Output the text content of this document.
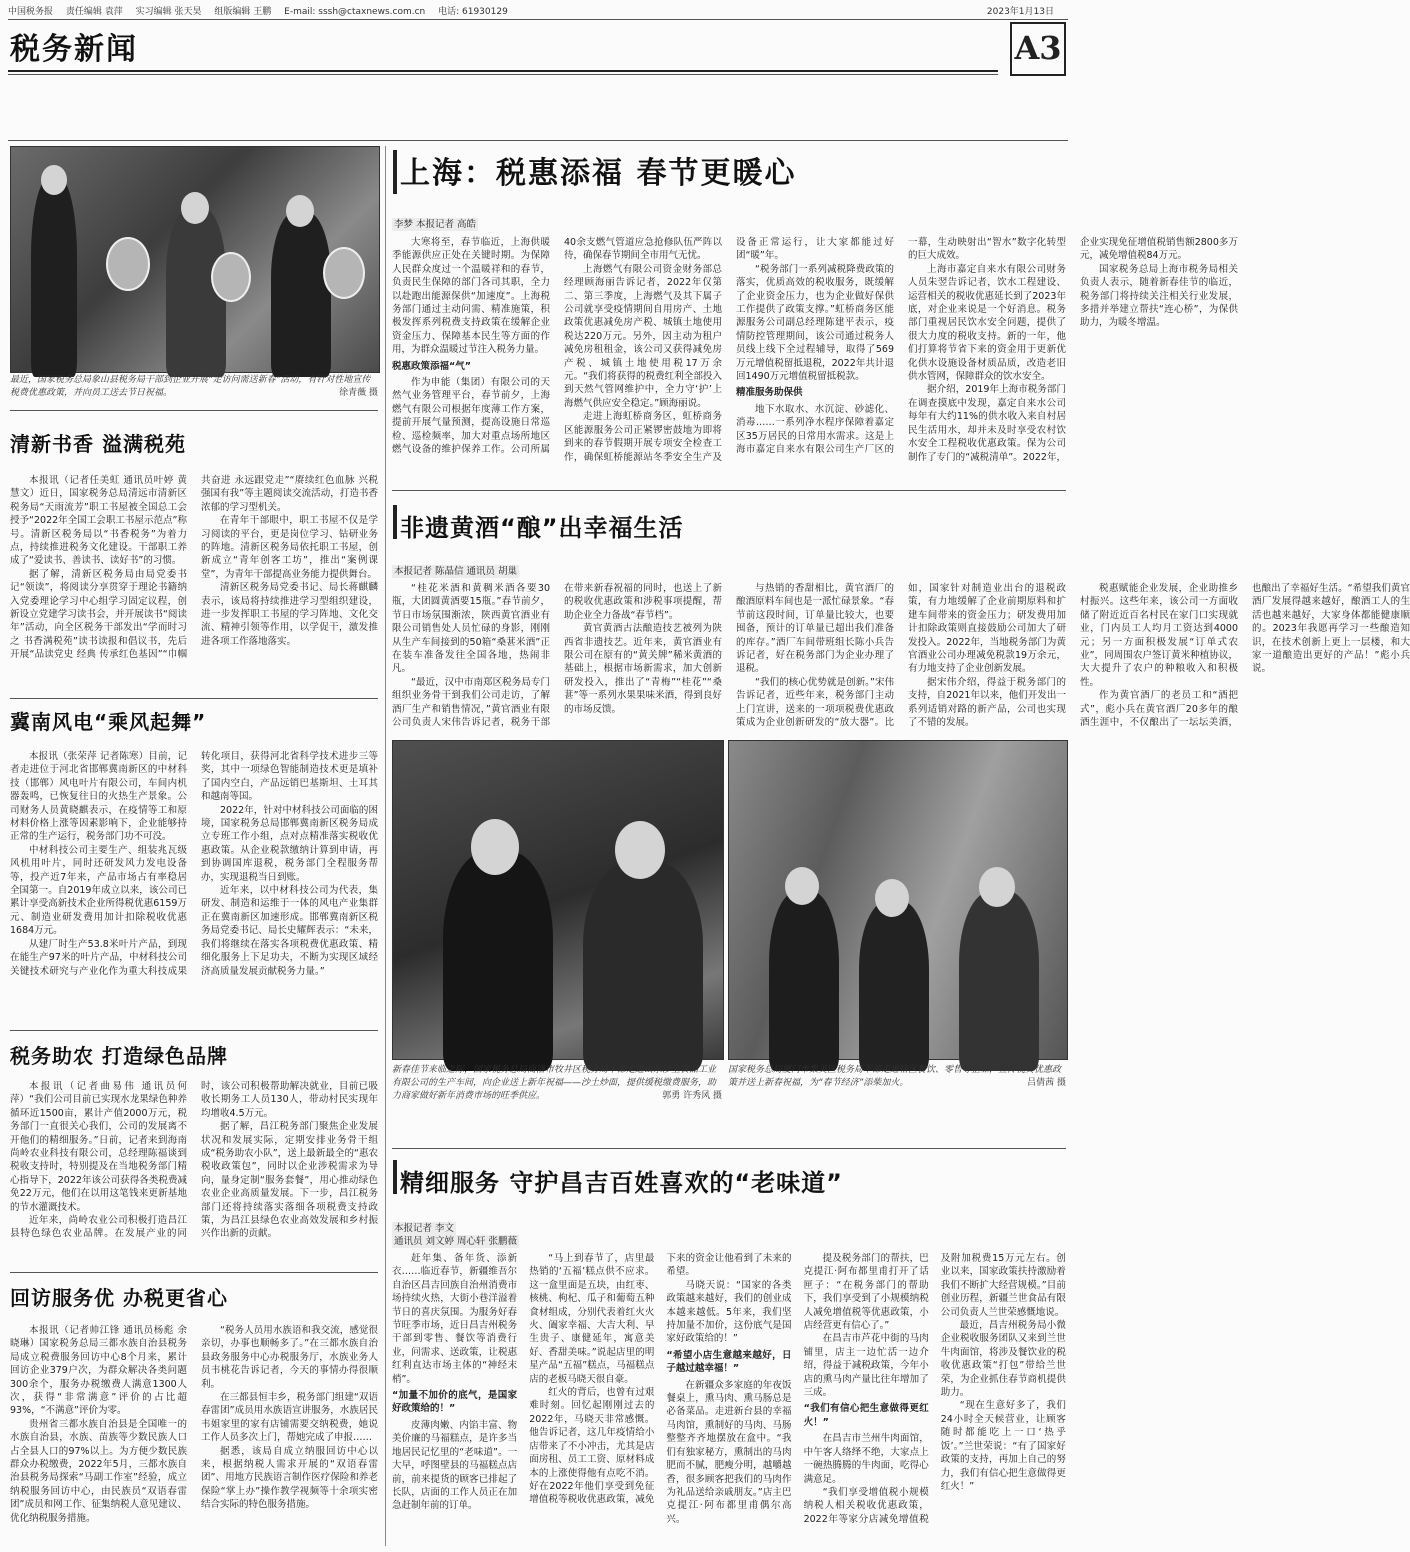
中国税务报 责任编辑 袁萍 实习编辑 张天昊 组版编辑 王鹏 E-mail: sssh@ctaxnews.com.cn 电话: 61930129	2023年1月13日
税务新闻	A3
最近，国家税务总局象山县税务局干部到企业开展“走访问需送新春”活动，有针对性地宣传税费优惠政策，并向员工送去节日祝福。	徐青薇 摄
清新书香 溢满税苑

本报讯（记者任美虹 通讯员叶婷 黄慧文）近日，国家税务总局清远市清新区税务局“天雨流芳”职工书屋被全国总工会授予“2022年全国工会职工书屋示范点”称号。清新区税务局以“书香税务”为着力点，持续推进税务文化建设。干部职工养成了“爱读书、善读书、读好书”的习惯。

据了解，清新区税务局由局党委书记“领读”，将阅读分享贯穿于理论书籍纳入党委理论学习中心组学习固定议程，创新设立党建学习读书会，并开展读书“阅读年”活动，向全区税务干部发出“学而时习之 书香满税苑”读书读报和倡议书，先后开展“品读党史 经典 传承红色基因”“巾帼共奋进 永远跟党走”“赓续红色血脉 兴税强国有我”等主题阅读交流活动，打造书香浓郁的学习型机关。

在青年干部眼中，职工书屋不仅是学习阅读的平台，更是岗位学习、钻研业务的阵地。清新区税务局依托职工书屋，创新成立“青年创客工坊”，推出“案例课堂”，为青年干部提高业务能力提供舞台。

清新区税务局党委书记、局长蒋麒麟表示，该局将持续推进学习型组织建设，进一步发挥职工书屋的学习阵地、文化交流、精神引领等作用，以学促干，激发推进各项工作落地落实。

冀南风电“乘风起舞”

本报讯（张荣萍 记者陈寒）目前，记者走进位于河北省邯郸冀南新区的中材科技（邯郸）风电叶片有限公司，车间内机器轰鸣，已恢复往日的火热生产景象。公司财务人员黄晓麒表示，在疫情等工和原材料价格上涨等因素影响下，企业能够持正常的生产运行，税务部门功不可没。

中材科技公司主要生产、组装兆瓦级风机用叶片，同时还研发风力发电设备等，投产近7年来，产品市场占有率稳居全国第一。自2019年成立以来，该公司已累计享受高新技术企业所得税优惠6159万元、制造业研发费用加计扣除税收优惠1684万元。

从建厂时生产53.8米叶片产品，到现在能生产97米的叶片产品，中材科技公司关键技术研究与产业化作为重大科技成果转化项目，获得河北省科学技术进步三等奖，其中一项绿色智能制造技术更是填补了国内空白，产品远销巴基斯坦、土耳其和越南等国。

2022年，针对中材科技公司面临的困境，国家税务总局邯郸冀南新区税务局成立专班工作小组，点对点精准落实税收优惠政策。从企业税款缴纳计算到申请，再到协调国库退税，税务部门全程服务帮办，实现退税当日到账。

近年来，以中材科技公司为代表，集研发、制造和运维于一体的风电产业集群正在冀南新区加速形成。邯郸冀南新区税务局党委书记、局长史耀辉表示：“未来，我们将继续在落实各项税费优惠政策、精细化服务上下足功夫，不断为实现区域经济高质量发展贡献税务力量。”

税务助农 打造绿色品牌

本报讯（记者曲易伟 通讯员何萍）“我们公司目前已实现水龙果绿色种养循环近1500亩，累计产值2000万元，税务部门一直很关心我们，公司的发展离不开他们的精细服务。”日前，记者来到海南尚岭农业科技有限公司，总经理陈福谈到税收支持时，特别提及在当地税务部门精心指导下，2022年该公司获得各类税费减免22万元，他们在以用这笔钱来更新基地的节水灌溉技术。

近年来，尚岭农业公司积极打造昌江县特色绿色农业品牌。在发展产业的同时，该公司积极帮助解决就业，目前已吸收长期务工人员130人，带动村民实现年均增收4.5万元。

据了解，昌江税务部门聚焦企业发展状况和发展实际，定期安排业务骨干组成“税务助农小队”，送上最新最全的“惠农税收政策包”，同时以企业涉税需求为导向，量身定制“服务套餐”，用心推动绿色农业企业高质量发展。下一步，昌江税务部门还将持续落实落细各项税费支持政策，为昌江县绿色农业高效发展和乡村振兴作出新的贡献。

回访服务优 办税更省心

本报讯（记者帅江锋 通讯员杨彪 余晓琳）国家税务总局三都水族自治县税务局成立税费服务回访中心8个月来，累计回访企业379户次，为群众解决各类问题300余个，服务办税缴费人满意1300人次，获得“非常满意”评价的占比超93%，“不满意”评价为零。

贵州省三都水族自治县是全国唯一的水族自治县，水族、苗族等少数民族人口占全县人口的97%以上。为方便少数民族群众办税缴费，2022年5月，三都水族自治县税务局探索“马副工作室”经验，成立纳税服务回访中心，由民族员“双语春雷团”成员和网工作、征集纳税人意见建议、优化纳税服务措施。

“税务人员用水族语和我交流，感觉很亲切，办事也顺畅多了。”在三都水族自治县政务服务中心办税服务厅，水族业务人员韦桃花告诉记者，今天的事情办得很顺利。

在三都县恒丰乡，税务部门组建“双语春雷团”成员用水族语宣讲服务，水族居民韦姐家里的家有店铺需要交纳税费，她说工作人员多次上门，帮她完成了申报……

据悉，该局自成立纳服回访中心以来，根据纳税人需求开展的“双语春雷团”、用地方民族语言制作医疗保险和养老保险“掌上办”操作教学视频等十余项实密结合实际的特色服务措施。

上海：税惠添福 春节更暖心
李梦 本报记者 高皓

大寒将至，春节临近，上海供暖季能源供应正处在关键时期。为保障人民群众度过一个温暖祥和的春节，负责民生保障的部门各司其职，全力以赴跑出能源保供“加速度”。上海税务部门通过主动问需、精准施策，积极发挥系列税费支持政策在缓解企业资金压力、保障基本民生等方面的作用，为群众温暖过节注入税务力量。

税惠政策添福“气”

作为申能（集团）有限公司的天然气业务管理平台，春节前夕，上海燃气有限公司根据年度薄工作方案，提前开展气量预测，提高设施日常巡检、巡检频率，加大对重点场所地区燃气设备的维护保养工作。公司所属40余支燃气管道应急抢修队伍严阵以待，确保春节期间全市用气无忧。

上海燃气有限公司资金财务部总经理顾海丽告诉记者，2022年仅第二、第三季度，上海燃气及其下属子公司就享受疫情期间自用房产、土地政策优惠减免房产税、城镇土地使用税达220万元。另外，因主动为租户减免房租租金，该公司又获得减免房产税、城镇土地使用税17万余元。“我们将获得的税费红利全部投入到天然气管网维护中，全力守‘护’上海燃气供应安全稳定。”顾海丽说。

走进上海虹桥商务区，虹桥商务区能源服务公司正紧锣密鼓地为即将到来的春节假期开展专项安全检查工作，确保虹桥能源站冬季安全生产及设备正常运行，让大家都能过好团“暖”年。

“税务部门一系列减税降费政策的落实，优质高效的税收服务，既缓解了企业资金压力，也为企业做好保供工作提供了政策支撑。”虹桥商务区能源服务公司副总经理陈建平表示，疫情防控管理期间，该公司通过税务人员线上线下全过程辅导，取得了569万元增值税留抵退税，2022年共计退回1490万元增值税留抵税款。

精准服务助保供

地下水取水、水沉淀、砂滤化、消毒……一系列净水程序保障着嘉定区35万居民的日常用水需求。这是上海市嘉定自来水有限公司生产厂区的一幕，生动映射出“智水”数字化转型的巨大成效。

上海市嘉定自来水有限公司财务人员朱翌告诉记者，饮水工程建设、运营相关的税收优惠延长到了2023年底，对企业来说是一个好消息。税务部门重视居民饮水安全问题，提供了很大力度的税收支持。新的一年，他们打算将节省下来的资金用于更新优化供水设施设备材质品质，改造老旧供水管网，保障群众的饮水安全。

据介绍，2019年上海市税务部门在调查摸底中发现，嘉定自来水公司每年有大约11%的供水收入来自村居民生活用水，却并未及时享受农村饮水安全工程税收优惠政策。保为公司制作了专门的“减税清单”。2022年，企业实现免征增值税销售额2800多万元，减免增值税84万元。

国家税务总局上海市税务局相关负责人表示，随着新春佳节的临近，税务部门将持续关注相关行业发展，多措并举建立帮扶“连心桥”，为保供助力，为暖冬增温。

非遗黄酒“酿”出幸福生活
本报记者 陈晶信 通讯员 胡巢

“桂花米酒和黄稠米酒各要30瓶，大团圆黄酒要15瓶。”春节前夕，节日市场氛围渐浓，陕西黄官酒业有限公司销售处人员忙碌的身影，刚刚从生产车间接到的50箱“桑葚米酒”正在装车准备发往全国各地，热闹非凡。

“最近，汉中市南郑区税务局专门组织业务骨干到我们公司走访，了解酒厂生产和销售情况，”黄官酒业有限公司负责人宋伟告诉记者，税务干部在带来新春祝福的同时，也送上了新的税收优惠政策和涉税事项提醒，帮助企业全力备战“春节档”。

黄官黄酒古法酿造技艺被列为陕西省非遗技艺。近年来，黄官酒业有限公司在原有的“黄关牌”稀米黄酒的基础上，根据市场新需求，加大创新研发投入，推出了“青梅”“桂花”“桑葚”等一系列水果果味米酒，得到良好的市场反馈。

与热销的香甜相比，黄官酒厂的酿酒原料车间也是一派忙碌景象。“春节前这段时间，订单量比较大，也要囤备，预计的订单量已超出我们准备的库存。”酒厂车间带班组长陈小兵告诉记者，好在税务部门为企业办理了退税。

“我们的核心优势就是创新。”宋伟告诉记者，近些年来，税务部门主动上门宣讲，送来的一项项税费优惠政策成为企业创新研发的“放大器”。比如，国家针对制造业出台的退税政策，有力地缓解了企业前期原料和扩建车间带来的资金压力；研发费用加计扣除政策则直接鼓励公司加大了研发投入。2022年，当地税务部门为黄官酒业公司办理减免税款19万余元，有力地支持了企业创新发展。

据宋伟介绍，得益于税务部门的支持，自2021年以来，他们开发出一系列适销对路的新产品，公司也实现了不错的发展。

税惠赋能企业发展，企业助推乡村振兴。这些年来，该公司一方面收储了附近近百名村民在家门口实现就业，门内员工人均月工资达到4000元；另一方面积极发展“订单式农业”，同周围农户签订黄米种植协议，大大提升了农户的种粮收入和积极性。

作为黄官酒厂的老员工和“酒把式”，彪小兵在黄官酒厂20多年的酿酒生涯中，不仅酿出了一坛坛美酒，也酿出了幸福好生活。“希望我们黄官酒厂发展得越来越好，酿酒工人的生活也越来越好，大家身体都能健康顺的。2023年我愿再学习一些酿造知识，在技术创新上更上一层楼，和大家一道酿造出更好的产品！”彪小兵说。

新春佳节来临之际，国家税务总局商洛市牧井区税务局干部走进山东沙土食品工业有限公司的生产车间，向企业送上新年祝福——沙土炒面，提供缓税缴费服务，助力商家做好新年消费市场的旺季供应。	郭勇 许秀风 摄
国家税务总局厦门市集美区税务局干部走进辖区餐饮、零售等企业，宣传税费优惠政策并送上新春祝福，为“春节经济”添柴加火。	吕倩茜 摄
精细服务 守护昌吉百姓喜欢的“老味道”
本报记者 李文
通讯员 刘文婷 周心轩 张鹏薇

赶年集、备年货、添新衣……临近春节，新疆维吾尔自治区昌吉回族自治州消费市场持续火热，大街小巷洋溢着节日的喜庆氛围。为服务好春节旺季市场，近日昌吉州税务干部到零售、餐饮等消费行业，问需求、送政策，让税惠红利直达市场主体的“神经末梢”。

“加量不加价的底气，是国家好政策给的！”

皮薄肉嫩、内馅丰富、物美价廉的马福糕点，是许多当地居民记忆里的“老味道”。一大早，呼图壁县的马福糕点店前，前来提货的顾客已排起了长队，店面的工作人员正在加急赶制年前的订单。

“马上到春节了，店里最热销的‘五福’糕点供不应求。这一盒里面是五块，由红枣、核桃、枸杞、瓜子和葡萄五种食材组成，分别代表着红火火火、阖家幸福、大吉大利、早生贵子、康健延年，寓意美好、香甜美味。”说起店里的明星产品“五福”糕点，马福糕点店的老板马晓天很自豪。

红火的背后，也曾有过艰难时刻。回忆起刚刚过去的2022年，马晓天非常感慨。他告诉记者，这几年疫情给小店带来了不小冲击，尤其是店面房租、员工工资、原材料成本的上涨使得他有点吃不消。好在2022年他们享受到免征增值税等税收优惠政策，减免下来的资金让他看到了未来的希望。

马晓天说：“国家的各类政策越来越好，我们的创业成本越来越低。5年来，我们坚持加量不加价，这份底气是国家好政策给的！”

“希望小店生意越来越好，日子越过越幸福！”

在新疆众多家庭的年夜饭餐桌上，熏马肉、熏马肠总是必备菜品。走进新台县的幸福马肉馆，熏制好的马肉、马肠整整齐齐地摆放在盒中。“我们有独家秘方，熏制出的马肉肥而不腻，肥瘦分明，越嚼越香，很多顾客把我们的马肉作为礼品送给亲戚朋友。”店主巴克提江·阿布都里甫偶尔高兴。

提及税务部门的帮扶，巴克提江·阿布都里甫打开了话匣子：“在税务部门的帮助下，我们享受到了小规模纳税人减免增值税等优惠政策，小店经营更有信心了。”

在昌吉市芦花中街的马肉铺里，店主一边忙活一边介绍，得益于减税政策，今年小店的熏马肉产量比往年增加了三成。

“我们有信心把生意做得更红火！”

在昌吉市兰州牛肉面馆，中午客人络绎不绝，大家点上一碗热腾腾的牛肉面，吃得心满意足。

“我们享受增值税小规模纳税人相关税收优惠政策，2022年等家分店减免增值税及附加税费15万元左右。创业以来，国家政策扶持激励着我们不断扩大经营规模。”目前创业历程，新疆兰世食品有限公司负责人兰世荣感慨地说。

最近，昌吉州税务局小微企业税收服务团队又来到兰世牛肉面馆，将涉及餐饮业的税收优惠政策“打包”带给兰世荣，为企业抓住春节商机提供助力。

“现在生意好多了，我们24小时全天候营业，让顾客随时都能吃上一口‘热乎饭’。”兰世荣说：“有了国家好政策的支持，再加上自己的努力，我们有信心把生意做得更红火！”
